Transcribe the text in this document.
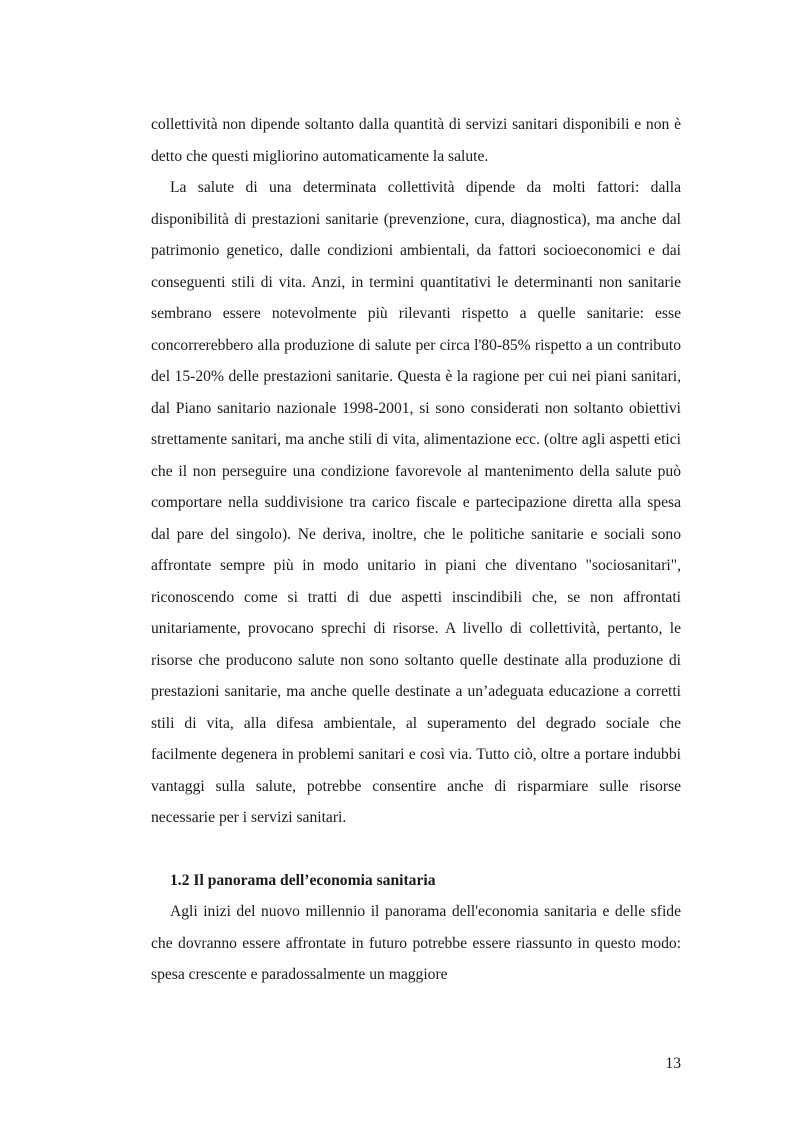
collettività non dipende soltanto dalla quantità di servizi sanitari disponibili e non è detto che questi migliorino automaticamente la salute.

La salute di una determinata collettività dipende da molti fattori: dalla disponibilità di prestazioni sanitarie (prevenzione, cura, diagnostica), ma anche dal patrimonio genetico, dalle condizioni ambientali, da fattori socioeconomici e dai conseguenti stili di vita. Anzi, in termini quantitativi le determinanti non sanitarie sembrano essere notevolmente più rilevanti rispetto a quelle sanitarie: esse concorrerebbero alla produzione di salute per circa l'80-85% rispetto a un contributo del 15-20% delle prestazioni sanitarie. Questa è la ragione per cui nei piani sanitari, dal Piano sanitario nazionale 1998-2001, si sono considerati non soltanto obiettivi strettamente sanitari, ma anche stili di vita, alimentazione ecc. (oltre agli aspetti etici che il non perseguire una condizione favorevole al mantenimento della salute può comportare nella suddivisione tra carico fiscale e partecipazione diretta alla spesa dal pare del singolo). Ne deriva, inoltre, che le politiche sanitarie e sociali sono affrontate sempre più in modo unitario in piani che diventano "sociosanitari", riconoscendo come si tratti di due aspetti inscindibili che, se non affrontati unitariamente, provocano sprechi di risorse. A livello di collettività, pertanto, le risorse che producono salute non sono soltanto quelle destinate alla produzione di prestazioni sanitarie, ma anche quelle destinate a un’adeguata educazione a corretti stili di vita, alla difesa ambientale, al superamento del degrado sociale che facilmente degenera in problemi sanitari e così via. Tutto ciò, oltre a portare indubbi vantaggi sulla salute, potrebbe consentire anche di risparmiare sulle risorse necessarie per i servizi sanitari.

1.2 Il panorama dell’economia sanitaria

Agli inizi del nuovo millennio il panorama dell'economia sanitaria e delle sfide che dovranno essere affrontate in futuro potrebbe essere riassunto in questo modo: spesa crescente e paradossalmente un maggiore

13
